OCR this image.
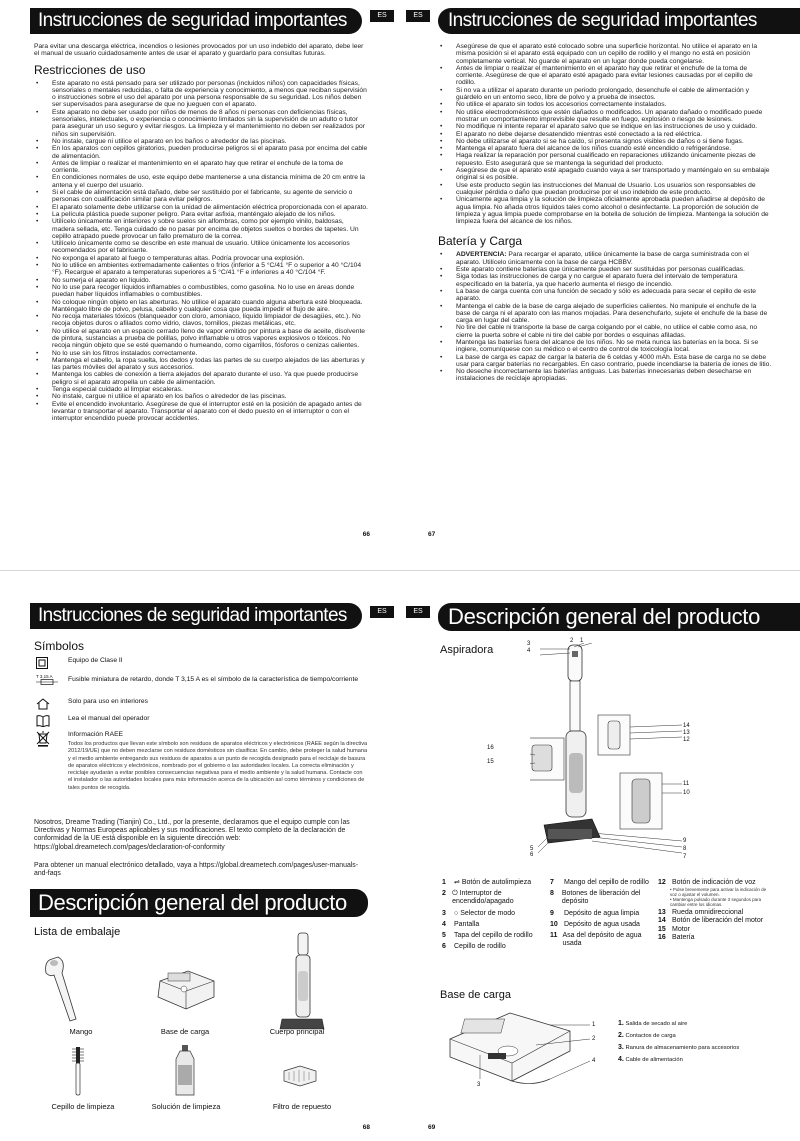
Instrucciones de seguridad importantes	ES

Para evitar una descarga eléctrica, incendios o lesiones provocados por un uso indebido del aparato, debe leer el manual de usuario cuidadosamente antes de usar el aparato y guardarlo para consultas futuras.

Restricciones de uso
• Este aparato no está pensado para ser utilizado por personas (incluidos niños) con capacidades físicas, sensoriales o mentales reducidas, o falta de experiencia y conocimiento, a menos que reciban supervisión o instrucciones sobre el uso del aparato por una persona responsable de su seguridad. Los niños deben ser supervisados para asegurarse de que no jueguen con el aparato.
• Este aparato no debe ser usado por niños de menos de 8 años ni personas con deficiencias físicas, sensoriales, intelectuales, o experiencia o conocimiento limitados sin la supervisión de un adulto o tutor para asegurar un uso seguro y evitar riesgos. La limpieza y el mantenimiento no deben ser realizados por niños sin supervisión.
• No instale, cargue ni utilice el aparato en los baños o alrededor de las piscinas.
• En los aparatos con cepillos giratorios, pueden producirse peligros si el aparato pasa por encima del cable de alimentación.
• Antes de limpiar o realizar el mantenimiento en el aparato hay que retirar el enchufe de la toma de corriente.
• En condiciones normales de uso, este equipo debe mantenerse a una distancia mínima de 20 cm entre la antena y el cuerpo del usuario.
• Si el cable de alimentación está dañado, debe ser sustituido por el fabricante, su agente de servicio o personas con cualificación similar para evitar peligros.
• El aparato solamente debe utilizarse con la unidad de alimentación eléctrica proporcionada con el aparato.
• La película plástica puede suponer peligro. Para evitar asfixia, manténgalo alejado de los niños.
• Utilícelo únicamente en interiores y sobre suelos sin alfombras, como por ejemplo vinilo, baldosas, madera sellada, etc. Tenga cuidado de no pasar por encima de objetos sueltos o bordes de tapetes. Un cepillo atrapado puede provocar un fallo prematuro de la correa.
• Utilícelo únicamente como se describe en este manual de usuario. Utilice únicamente los accesorios recomendados por el fabricante.
• No exponga el aparato al fuego o temperaturas altas. Podría provocar una explosión.
• No lo utilice en ambientes extremadamente calientes o fríos (inferior a 5 °C/41 °F o superior a 40 °C/104 °F). Recargue el aparato a temperaturas superiores a 5 °C/41 °F e inferiores a 40 °C/104 °F.
• No sumerja el aparato en líquido.
• No lo use para recoger líquidos inflamables o combustibles, como gasolina. No lo use en áreas donde puedan haber líquidos inflamables o combustibles.
• No coloque ningún objeto en las aberturas. No utilice el aparato cuando alguna abertura esté bloqueada. Manténgalo libre de polvo, pelusa, cabello y cualquier cosa que pueda impedir el flujo de aire.
• No recoja materiales tóxicos (blanqueador con cloro, amoniaco, líquido limpiador de desagües, etc.). No recoja objetos duros o afilados como vidrio, clavos, tornillos, piezas metálicas, etc.
• No utilice el aparato en un espacio cerrado lleno de vapor emitido por pintura a base de aceite, disolvente de pintura, sustancias a prueba de polillas, polvo inflamable u otros vapores explosivos o tóxicos. No recoja ningún objeto que se esté quemando o humeando, como cigarrillos, fósforos o cenizas calientes.
• No lo use sin los filtros instalados correctamente.
• Mantenga el cabello, la ropa suelta, los dedos y todas las partes de su cuerpo alejados de las aberturas y las partes móviles del aparato y sus accesorios.
• Mantenga los cables de conexión a tierra alejados del aparato durante el uso. Ya que puede producirse peligro si el aparato atropella un cable de alimentación.
• Tenga especial cuidado al limpiar escaleras.
• No instale, cargue ni utilice el aparato en los baños o alrededor de las piscinas.
• Evite el encendido involuntario. Asegúrese de que el interruptor esté en la posición de apagado antes de levantar o transportar el aparato. Transportar el aparato con el dedo puesto en el interruptor o con el interruptor encendido puede provocar accidentes.
66
ES	Instrucciones de seguridad importantes
• Asegúrese de que el aparato esté colocado sobre una superficie horizontal. No utilice el aparato en la misma posición si el aparato está equipado con un cepillo de rodillo y el mango no está en posición completamente vertical. No guarde el aparato en un lugar donde pueda congelarse.
• Antes de limpiar o realizar el mantenimiento en el aparato hay que retirar el enchufe de la toma de corriente. Asegúrese de que el aparato esté apagado para evitar lesiones causadas por el cepillo de rodillo.
• Si no va a utilizar el aparato durante un periodo prolongado, desenchufe el cable de alimentación y guárdelo en un entorno seco, libre de polvo y a prueba de insectos.
• No utilice el aparato sin todos los accesorios correctamente instalados.
• No utilice electrodomésticos que estén dañados o modificados. Un aparato dañado o modificado puede mostrar un comportamiento imprevisible que resulte en fuego, explosión o riesgo de lesiones.
• No modifique ni intente reparar el aparato salvo que se indique en las instrucciones de uso y cuidado.
• El aparato no debe dejarse desatendido mientras esté conectado a la red eléctrica.
• No debe utilizarse el aparato si se ha caído, si presenta signos visibles de daños o si tiene fugas.
• Mantenga el aparato fuera del alcance de los niños cuando esté encendido o refrigerándose.
• Haga realizar la reparación por personal cualificado en reparaciones utilizando únicamente piezas de repuesto. Esto asegurará que se mantenga la seguridad del producto.
• Asegúrese de que el aparato esté apagado cuando vaya a ser transportado y manténgalo en su embalaje original si es posible.
• Use este producto según las instrucciones del Manual de Usuario. Los usuarios son responsables de cualquier pérdida o daño que puedan producirse por el uso indebido de este producto.
• Únicamente agua limpia y la solución de limpieza oficialmente aprobada pueden añadirse al depósito de agua limpia. No añada otros líquidos tales como alcohol o desinfectante. La proporción de solución de limpieza y agua limpia puede comprobarse en la botella de solución de limpieza. Mantenga la solución de limpieza fuera del alcance de los niños.
Batería y Carga
• ADVERTENCIA: Para recargar el aparato, utilice únicamente la base de carga suministrada con el aparato. Utilícelo únicamente con la base de carga HCBBV.
• Este aparato contiene baterías que únicamente pueden ser sustituidas por personas cualificadas.
• Siga todas las instrucciones de carga y no cargue el aparato fuera del intervalo de temperatura especificado en la batería, ya que hacerlo aumenta el riesgo de incendio.
• La base de carga cuenta con una función de secado y sólo es adecuada para secar el cepillo de este aparato.
• Mantenga el cable de la base de carga alejado de superficies calientes. No manipule el enchufe de la base de carga ni el aparato con las manos mojadas. Para desenchufarlo, sujete el enchufe de la base de carga en lugar del cable.
• No tire del cable ni transporte la base de carga colgando por el cable, no utilice el cable como asa, no cierre la puerta sobre el cable ni tire del cable por bordes o esquinas afiladas.
• Mantenga las baterías fuera del alcance de los niños. No se meta nunca las baterías en la boca. Si se ingiere, comuníquese con su médico o el centro de control de toxicología local.
• La base de carga es capaz de cargar la batería de 6 celdas y 4000 mAh. Esta base de carga no se debe usar para cargar baterías no recargables. En caso contrario, puede incendiarse la batería de iones de litio.
• No deseche incorrectamente las baterías antiguas. Las baterías innecesarias deben desecharse en instalaciones de reciclaje apropiadas.
67
Instrucciones de seguridad importantes	ES
Símbolos
Equipo de Clase II
T 3,15 A	Fusible miniatura de retardo, donde T 3,15 A es el símbolo de la característica de tiempo/corriente
Solo para uso en interiores
Lea el manual del operador
Información RAEE
Todos los productos que llevan este símbolo son residuos de aparatos eléctricos y electrónicos (RAEE según la directiva 2012/19/UE) que no deben mezclarse con residuos domésticos sin clasificar. En cambio, debe proteger la salud humana y el medio ambiente entregando sus residuos de aparatos a un punto de recogida designado para el reciclaje de basura de aparatos eléctricos y electrónicos, nombrado por el gobierno o las autoridades locales. La correcta eliminación y reciclaje ayudarán a evitar posibles consecuencias negativas para el medio ambiente y la salud humana. Contacte con el instalador o las autoridades locales para más información acerca de la ubicación así como términos y condiciones de tales puntos de recogida.
Nosotros, Dreame Trading (Tianjin) Co., Ltd., por la presente, declaramos que el equipo cumple con las Directivas y Normas Europeas aplicables y sus modificaciones. El texto completo de la declaración de conformidad de la UE está disponible en la siguiente dirección web: https://global.dreametech.com/pages/declaration-of-conformity
Para obtener un manual electrónico detallado, vaya a https://global.dreametech.com/pages/user-manuals-and-faqs
Descripción general del producto
Lista de embalaje
Mango	Base de carga	Cuerpo principal
Cepillo de limpieza	Solución de limpieza	Filtro de repuesto
68
ES	Descripción general del producto
Aspiradora	3
4
2 1
14
13
12
16
15
11
10
9
8
7
5
6
1 ⇌ Botón de autolimpieza
2 ⏻ Interruptor de encendido/apagado
3 ○ Selector de modo
4 Pantalla
5 Tapa del cepillo de rodillo
6 Cepillo de rodillo
7	Mango del cepillo de rodillo
8	Botones de liberación del depósito
9	Depósito de agua limpia
10 Depósito de agua usada
11 Asa del depósito de agua usada
12 Botón de indicación de voz
• Pulse brevemente para activar la indicación de voz o ajustar el volumen.
• Mantenga pulsado durante 3 segundos para cambiar entre los idiomas.
13 Rueda omnidireccional
14 Botón de liberación del motor
15 Motor
16 Batería
Base de carga
1
2
3
4
1. Salida de secado al aire
2. Contactos de carga
3. Ranura de almacenamiento para accesorios
4. Cable de alimentación
69
